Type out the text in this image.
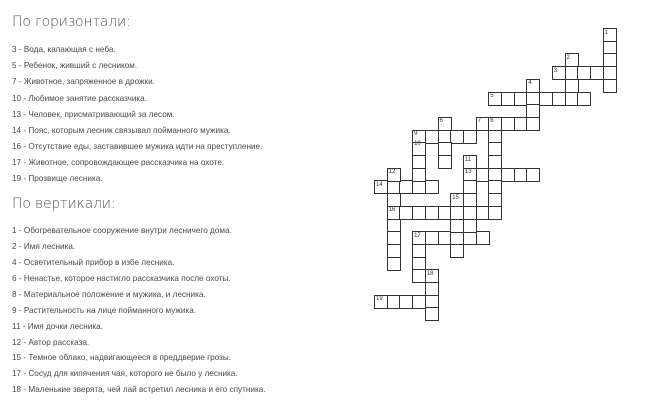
По горизонтали:
3 - Вода, капающая с неба.
5 - Ребенок, живший с лесником.
7 - Животное, запряженное в дрожки.
10 - Любимое занятие рассказчика.
13 - Человек, присматривающий за лесом.
14 - Пояс, которым лесник связывал пойманного мужика.
16 - Отсутствие еды, заставившее мужика идти на преступление.
17 - Животное, сопровождающее рассказчика на охоте.
19 - Прозвище лесника.
По вертикали:
1 - Обогревательное сооружение внутри лесничего дома.
2 - Имя лесника.
4 - Осветительный прибор в избе лесника.
6 - Ненастье, которое настигло рассказчика после охоты.
8 - Материальное положение и мужика, и лесника.
9 - Растительность на лице пойманного мужика.
11 - Имя дочки лесника.
12 - Автор рассказа.
15 - Темное облако, надвигающееся в преддверие грозы.
17 - Сосуд для кипячения чая, которого не было у лесника.
18 - Маленькие зверята, чей лай встретил лесника и его спутника.
1
2
3
4
5
6	7 8
9
10
11
12	13
14
15
16
17
18
19
